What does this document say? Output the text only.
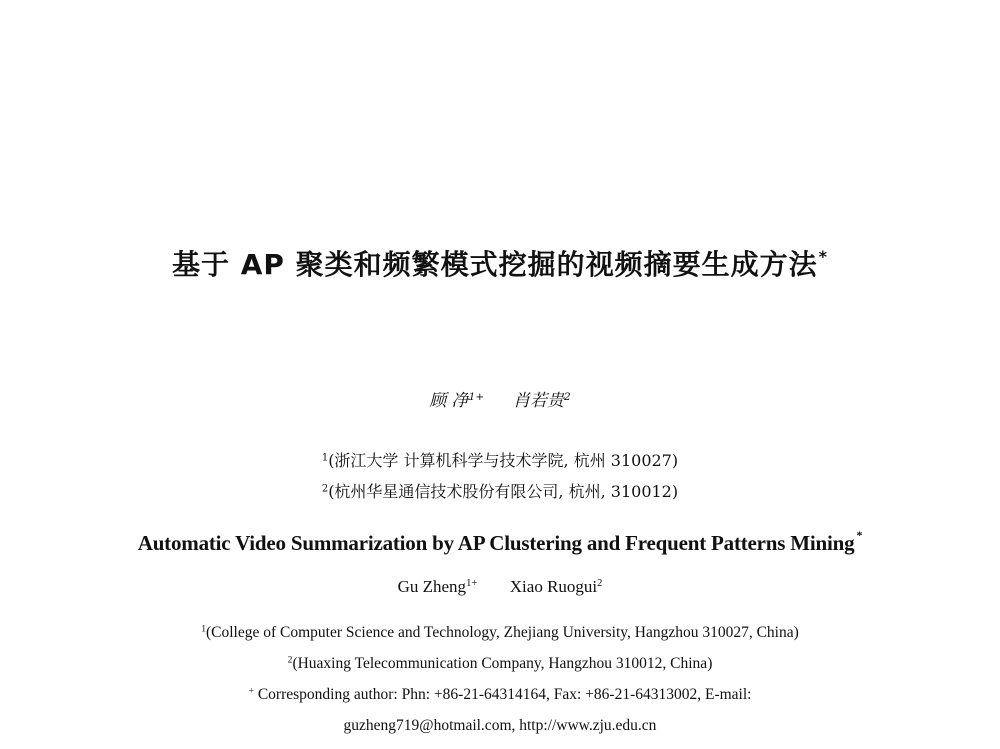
基于 AP 聚类和频繁模式挖掘的视频摘要生成方法*
顾 净$^{1+}$ 肖若贵$^2$
$^1$(浙江大学 计算机科学与技术学院, 杭州 310027)
$^2$(杭州华星通信技术股份有限公司, 杭州, 310012)
Automatic Video Summarization by AP Clustering and Frequent Patterns Mining *
Gu Zheng$^{1+}$ Xiao Ruogui$^2$
$^1$(College of Computer Science and Technology, Zhejiang University, Hangzhou 310027, China)
$^2$(Huaxing Telecommunication Company, Hangzhou 310012, China)
+ Corresponding author: Phn: +86-21-64314164, Fax: +86-21-64313002, E-mail:
guzheng719@hotmail.com, http://www.zju.edu.cn
